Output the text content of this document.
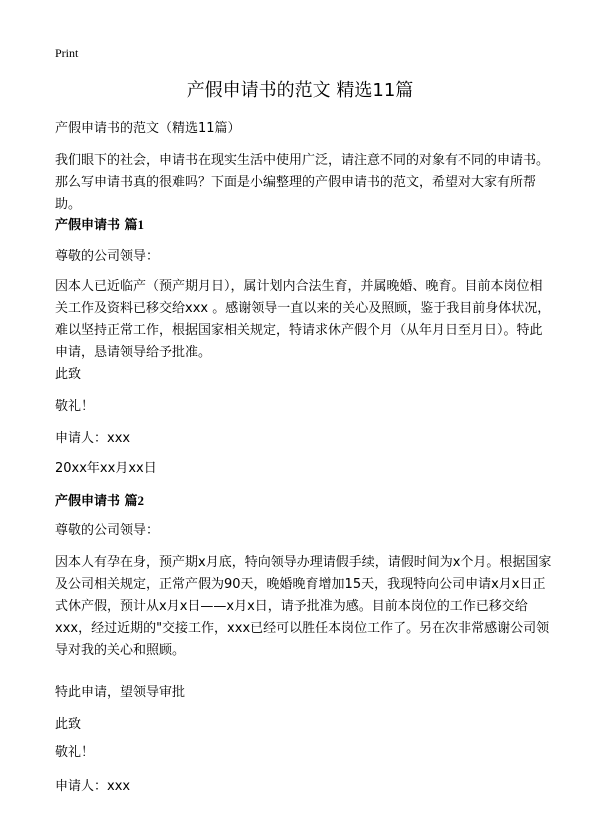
Print
产假申请书的范文 精选11篇

产假申请书的范文（精选11篇）

我们眼下的社会，申请书在现实生活中使用广泛，请注意不同的对象有不同的申请书。那么写申请书真的很难吗？下面是小编整理的产假申请书的范文，希望对大家有所帮助。

产假申请书 篇1

尊敬的公司领导：

因本人已近临产（预产期月日），属计划内合法生育，并属晚婚、晚育。目前本岗位相关工作及资料已移交给xxx 。感谢领导一直以来的关心及照顾，鉴于我目前身体状况，难以坚持正常工作，根据国家相关规定，特请求休产假个月（从年月日至月日）。特此申请，恳请领导给予批准。

此致

敬礼！

申请人：xxx

20xx年xx月xx日

产假申请书 篇2

尊敬的公司领导：

因本人有孕在身，预产期x月底，特向领导办理请假手续，请假时间为x个月。根据国家及公司相关规定，正常产假为90天，晚婚晚育增加15天，我现特向公司申请x月x日正式休产假，预计从x月x日——x月x日，请予批准为感。目前本岗位的工作已移交给xxx，经过近期的"交接工作，xxx已经可以胜任本岗位工作了。另在次非常感谢公司领导对我的关心和照顾。

特此申请，望领导审批

此致

敬礼！

申请人：xxx
